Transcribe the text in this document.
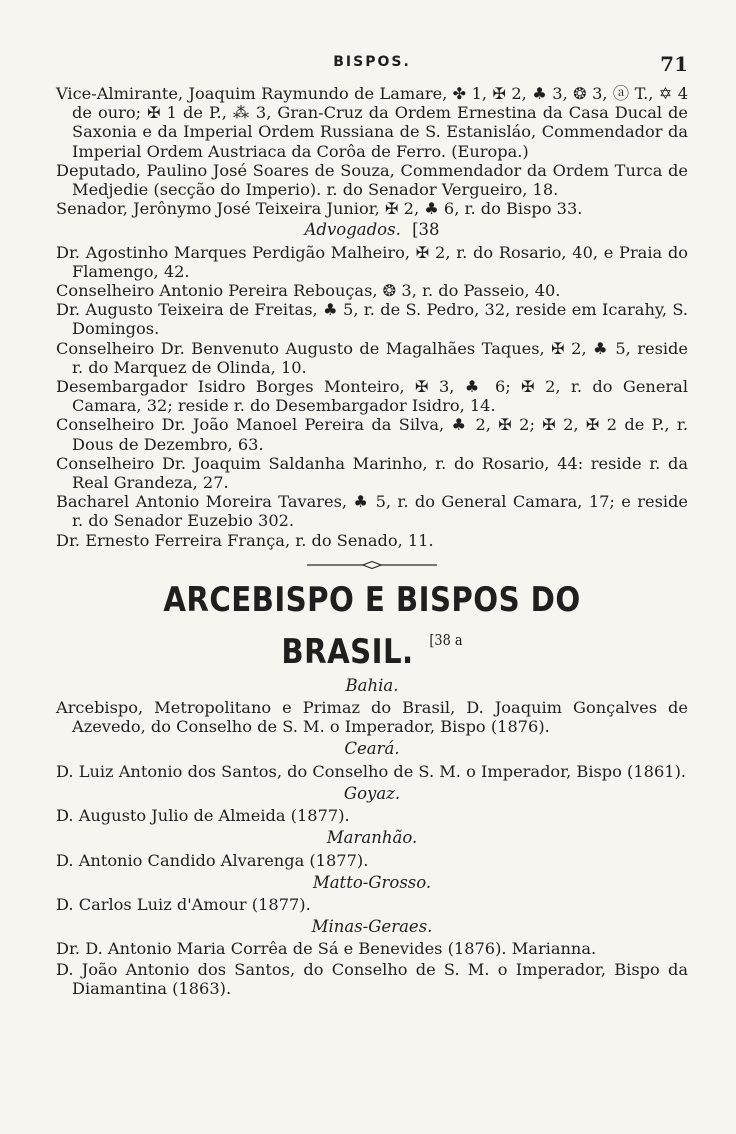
BISPOS.	71
Vice-Almirante, Joaquim Raymundo de Lamare, ✤ 1, ✠ 2, ♣ 3, ❂ 3, ⓐ T., ✡ 4 de ouro; ✠ 1 de P., ⁂ 3, Gran-Cruz da Ordem Ernestina da Casa Ducal de Saxonia e da Imperial Ordem Russiana de S. Estanisláo, Commendador da Imperial Ordem Austriaca da Corôa de Ferro. (Europa.)
Deputado, Paulino José Soares de Souza, Commendador da Ordem Turca de Medjedie (secção do Imperio). r. do Senador Vergueiro, 18.
Senador, Jerônymo José Teixeira Junior, ✠ 2, ♣ 6, r. do Bispo 33.
Advogados. [38
Dr. Agostinho Marques Perdigão Malheiro, ✠ 2, r. do Rosario, 40, e Praia do Flamengo, 42.
Conselheiro Antonio Pereira Rebouças, ❂ 3, r. do Passeio, 40.
Dr. Augusto Teixeira de Freitas, ♣ 5, r. de S. Pedro, 32, reside em Icarahy, S. Domingos.
Conselheiro Dr. Benvenuto Augusto de Magalhães Taques, ✠ 2, ♣ 5, reside r. do Marquez de Olinda, 10.
Desembargador Isidro Borges Monteiro, ✠ 3, ♣ 6; ✠ 2, r. do General Camara, 32; reside r. do Desembargador Isidro, 14.
Conselheiro Dr. João Manoel Pereira da Silva, ♣ 2, ✠ 2; ✠ 2, ✠ 2 de P., r. Dous de Dezembro, 63.
Conselheiro Dr. Joaquim Saldanha Marinho, r. do Rosario, 44: reside r. da Real Grandeza, 27.
Bacharel Antonio Moreira Tavares, ♣ 5, r. do General Camara, 17; e reside r. do Senador Euzebio 302.
Dr. Ernesto Ferreira França, r. do Senado, 11.
ARCEBISPO E BISPOS DO BRASIL. $^{[38 a}$
Bahia.
Arcebispo, Metropolitano e Primaz do Brasil, D. Joaquim Gonçalves de Azevedo, do Conselho de S. M. o Imperador, Bispo (1876).
Ceará.
D. Luiz Antonio dos Santos, do Conselho de S. M. o Imperador, Bispo (1861).
Goyaz.
D. Augusto Julio de Almeida (1877).
Maranhão.
D. Antonio Candido Alvarenga (1877).
Matto-Grosso.
D. Carlos Luiz d'Amour (1877).
Minas-Geraes.
Dr. D. Antonio Maria Corrêa de Sá e Benevides (1876). Marianna.
D. João Antonio dos Santos, do Conselho de S. M. o Imperador, Bispo da Diamantina (1863).
